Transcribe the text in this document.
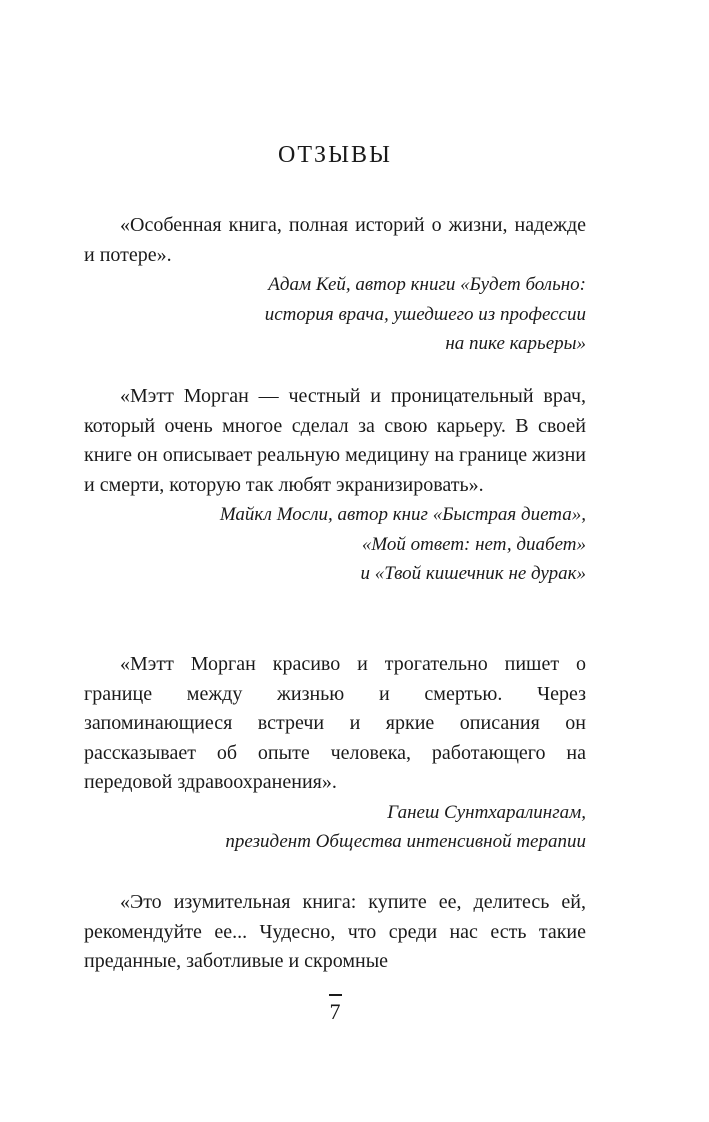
ОТЗЫВЫ

«Особенная книга, полная историй о жизни, надежде и потере».

Адам Кей, автор книги «Будет больно:
история врача, ушедшего из профессии
на пике карьеры»

«Мэтт Морган — честный и проницательный врач, который очень многое сделал за свою карьеру. В своей книге он описывает реальную медицину на границе жизни и смерти, которую так любят экранизировать».

Майкл Мосли, автор книг «Быстрая диета»,
«Мой ответ: нет, диабет»
и «Твой кишечник не дурак»

«Мэтт Морган красиво и трогательно пишет о границе между жизнью и смертью. Через запоминающиеся встречи и яркие описания он рассказывает об опыте человека, работающего на передовой здравоохранения».

Ганеш Сунтхаралингам,
президент Общества интенсивной терапии

«Это изумительная книга: купите ее, делитесь ей, рекомендуйте ее... Чудесно, что среди нас есть такие преданные, заботливые и скромные

7
